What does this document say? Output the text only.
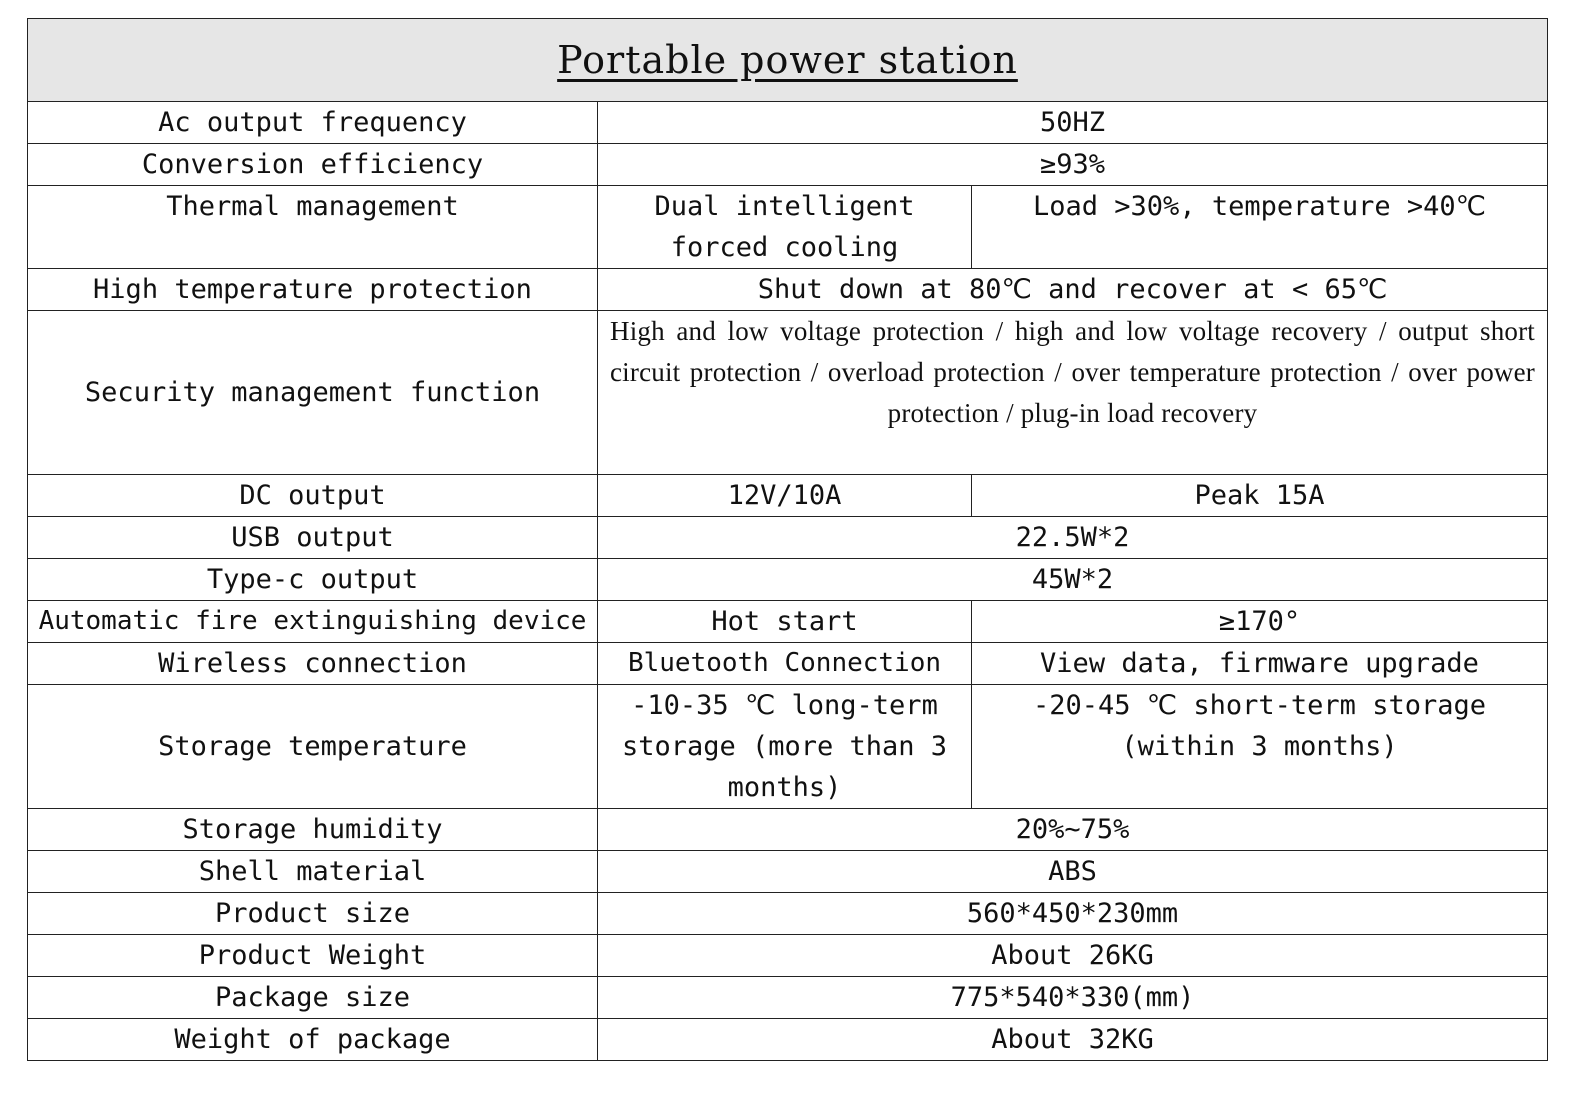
Portable power station		
Ac output frequency	50HZ	
Conversion efficiency	≥93%	
Thermal management	Dual intelligent forced cooling	Load >30%, temperature >40℃
High temperature protection	Shut down at 80℃ and recover at < 65℃	
Security management function	High and low voltage protection / high and low voltage recovery / output short circuit protection / overload protection / over temperature protection / over power protection / plug-in load recovery	
DC output	12V/10A	Peak 15A
USB output	22.5W*2	
Type-c output	45W*2	
Automatic fire extinguishing device	Hot start	≥170°
Wireless connection	Bluetooth Connection	View data, firmware upgrade
Storage temperature	-10-35 ℃ long-term storage (more than 3 months)	-20-45 ℃ short-term storage (within 3 months)
Storage humidity	20%~75%	
Shell material	ABS	
Product size	560*450*230mm	
Product Weight	About 26KG	
Package size	775*540*330(mm)	
Weight of package	About 32KG	
